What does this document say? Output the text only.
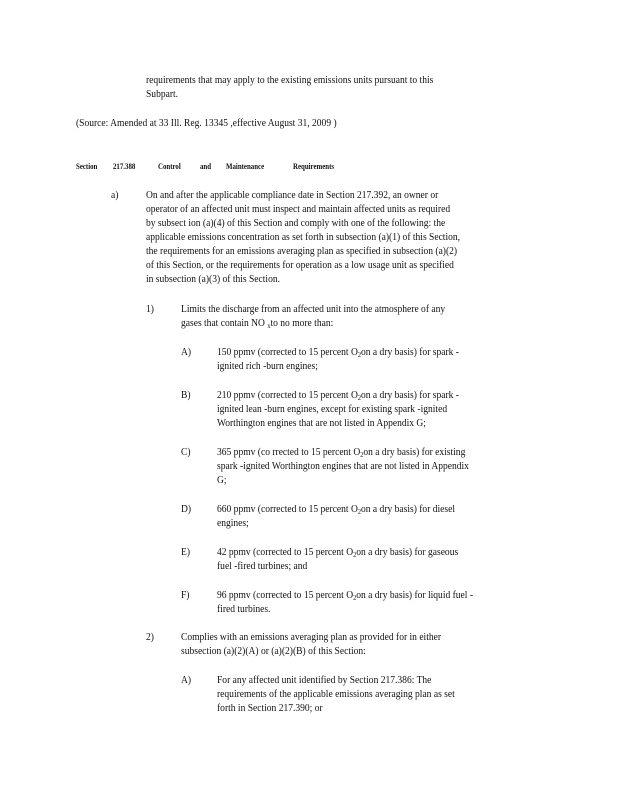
requirements that may apply to the existing emissions units pursuant to this
Subpart.
(Source: Amended at 33 Ill. Reg. 13345 ,effective August 31, 2009 )
Section 217.388	Control and Maintenance	Requirements
a)	On and after the applicable compliance date in Section 217.392, an owner or
operator of an affected unit must inspect and maintain affected units as required
by subsect ion (a)(4) of this Section and comply with one of the following: the
applicable emissions concentration as set forth in subsection (a)(1) of this Section,
the requirements for an emissions averaging plan as specified in subsection (a)(2)
of this Section, or the requirements for operation as a low usage unit as specified
in subsection (a)(3) of this Section.
1)	Limits the discharge from an affected unit into the atmosphere of any
gases that contain NO $_x$to no more than:
A) 150 ppmv (corrected to 15 percent $O_2on$ a dry basis) for spark -
ignited rich -burn engines;
B) 210 ppmv (corrected to 15 percent $O_2on$ a dry basis) for spark -
ignited lean -burn engines, except for existing spark -ignited
Worthington engines that are not listed in Appendix G;
C) 365 ppmv (co rrected to 15 percent $O_2on$ a dry basis) for existing
spark -ignited Worthington engines that are not listed in Appendix
G;
D) 660 ppmv (corrected to 15 percent $O_2on$ a dry basis) for diesel
engines;
E)	42 ppmv (corrected to 15 percent $O_2on$ a dry basis) for gaseous
fuel -fired turbines; and
F)	96 ppmv (corrected to 15 percent $O_2on$ a dry basis) for liquid fuel -
fired turbines.
2)	Complies with an emissions averaging plan as provided for in either
subsection (a)(2)(A) or (a)(2)(B) of this Section:
A) For any affected unit identified by Section 217.386: The
requirements of the applicable emissions averaging plan as set
forth in Section 217.390; or
